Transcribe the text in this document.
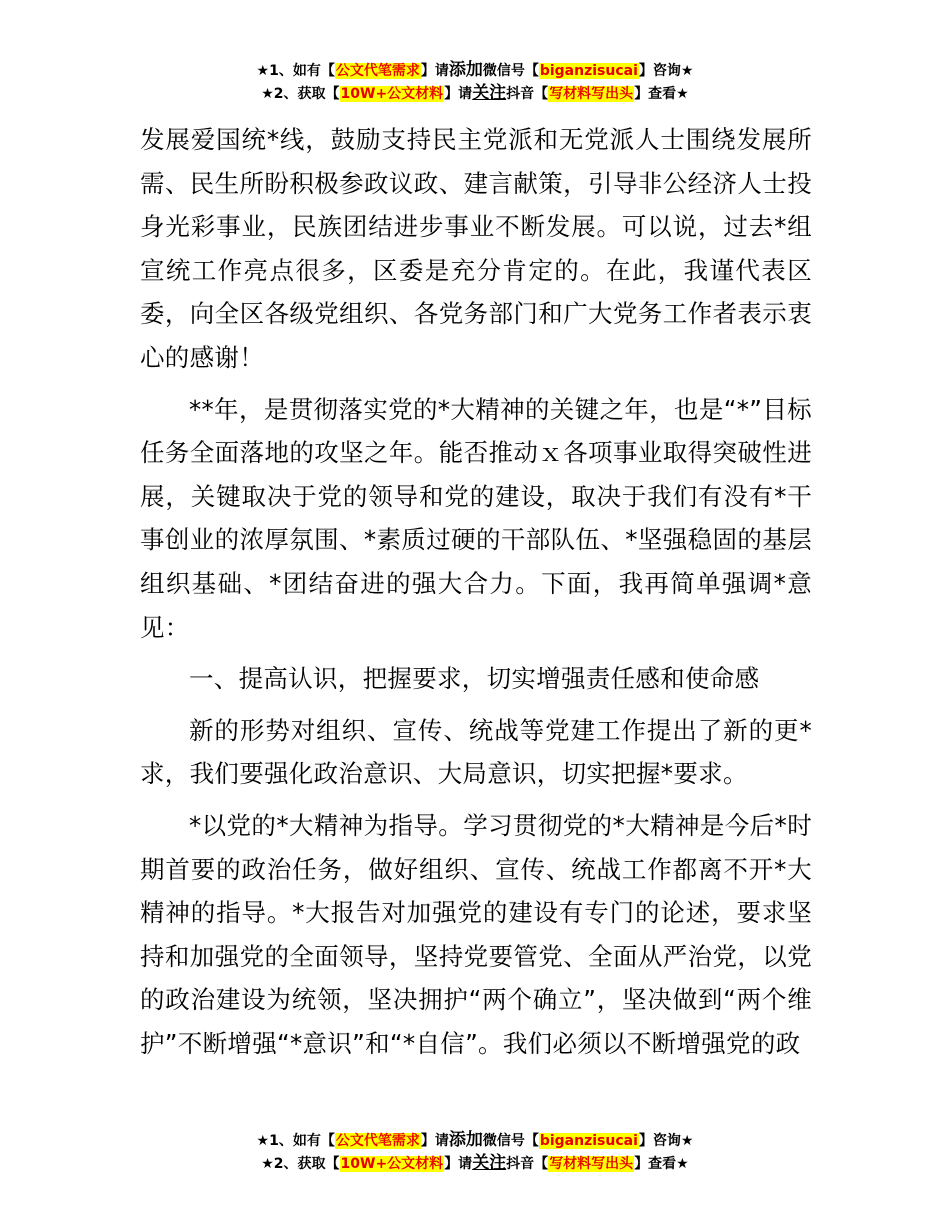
★1、如有【公文代笔需求】请添加微信号【biganzisucai】咨询★
★2、获取【10W+公文材料】请关注抖音【写材料写出头】查看★

发展爱国统*线，鼓励支持民主党派和无党派人士围绕发展所需、民生所盼积极参政议政、建言献策，引导非公经济人士投身光彩事业，民族团结进步事业不断发展。可以说，过去*组宣统工作亮点很多，区委是充分肯定的。在此，我谨代表区委，向全区各级党组织、各党务部门和广大党务工作者表示衷心的感谢！

**年，是贯彻落实党的*大精神的关键之年，也是“*”目标任务全面落地的攻坚之年。能否推动ｘ各项事业取得突破性进展，关键取决于党的领导和党的建设，取决于我们有没有*干事创业的浓厚氛围、*素质过硬的干部队伍、*坚强稳固的基层组织基础、*团结奋进的强大合力。下面，我再简单强调*意见：

一、提高认识，把握要求，切实增强责任感和使命感

新的形势对组织、宣传、统战等党建工作提出了新的更*求，我们要强化政治意识、大局意识，切实把握*要求。

*以党的*大精神为指导。学习贯彻党的*大精神是今后*时期首要的政治任务，做好组织、宣传、统战工作都离不开*大精神的指导。*大报告对加强党的建设有专门的论述，要求坚持和加强党的全面领导，坚持党要管党、全面从严治党，以党的政治建设为统领，坚决拥护“两个确立”，坚决做到“两个维护”不断增强“*意识”和“*自信”。我们必须以不断增强党的政

★1、如有【公文代笔需求】请添加微信号【biganzisucai】咨询★
★2、获取【10W+公文材料】请关注抖音【写材料写出头】查看★
